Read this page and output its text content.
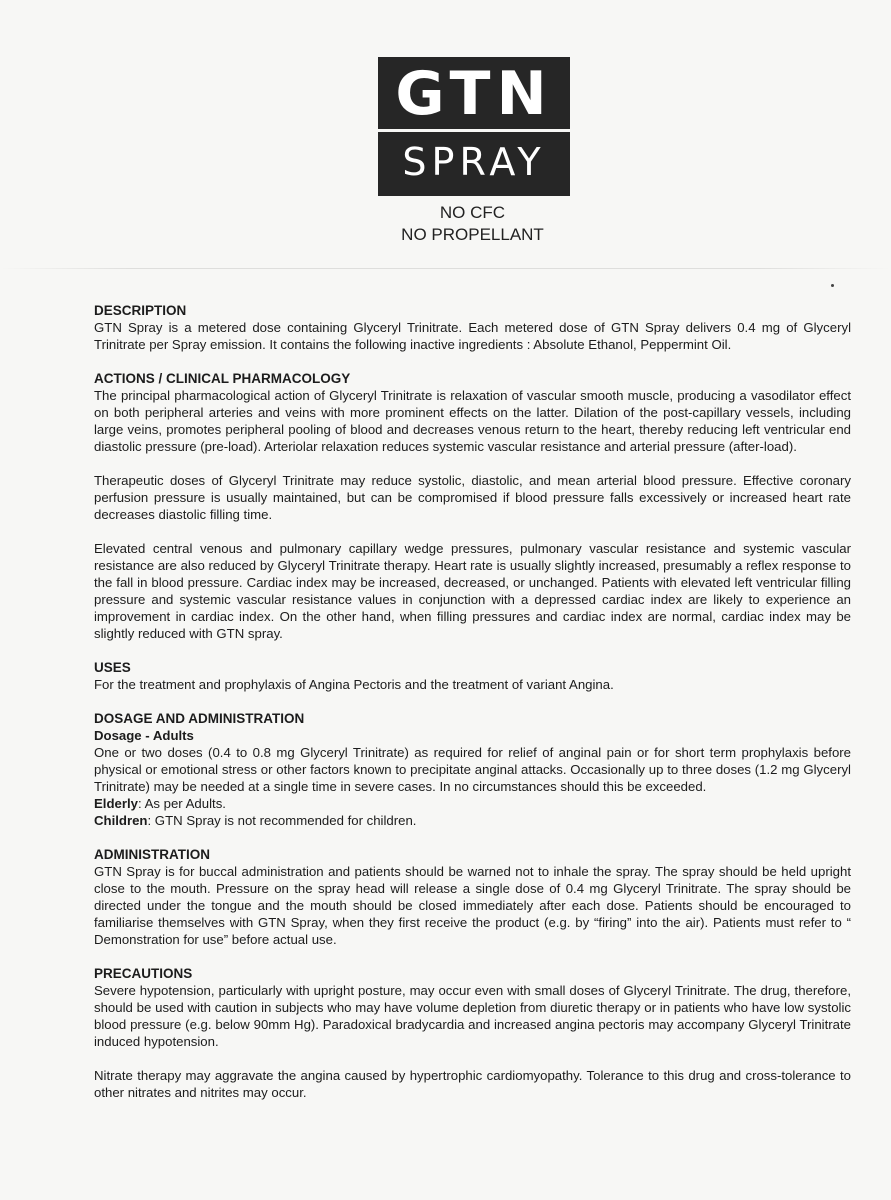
GTN
SPRAY
NO CFC
NO PROPELLANT
DESCRIPTION

GTN Spray is a metered dose containing Glyceryl Trinitrate. Each metered dose of GTN Spray delivers 0.4 mg of Glyceryl Trinitrate per Spray emission. It contains the following inactive ingredients : Absolute Ethanol, Peppermint Oil.

ACTIONS / CLINICAL PHARMACOLOGY

The principal pharmacological action of Glyceryl Trinitrate is relaxation of vascular smooth muscle, producing a vasodilator effect on both peripheral arteries and veins with more prominent effects on the latter. Dilation of the post-capillary vessels, including large veins, promotes peripheral pooling of blood and decreases venous return to the heart, thereby reducing left ventricular end diastolic pressure (pre-load). Arteriolar relaxation reduces systemic vascular resistance and arterial pressure (after-load).

Therapeutic doses of Glyceryl Trinitrate may reduce systolic, diastolic, and mean arterial blood pressure. Effective coronary perfusion pressure is usually maintained, but can be compromised if blood pressure falls excessively or increased heart rate decreases diastolic filling time.

Elevated central venous and pulmonary capillary wedge pressures, pulmonary vascular resistance and systemic vascular resistance are also reduced by Glyceryl Trinitrate therapy. Heart rate is usually slightly increased, presumably a reflex response to the fall in blood pressure. Cardiac index may be increased, decreased, or unchanged. Patients with elevated left ventricular filling pressure and systemic vascular resistance values in conjunction with a depressed cardiac index are likely to experience an improvement in cardiac index. On the other hand, when filling pressures and cardiac index are normal, cardiac index may be slightly reduced with GTN spray.

USES

For the treatment and prophylaxis of Angina Pectoris and the treatment of variant Angina.

DOSAGE AND ADMINISTRATION
Dosage - Adults

One or two doses (0.4 to 0.8 mg Glyceryl Trinitrate) as required for relief of anginal pain or for short term prophylaxis before physical or emotional stress or other factors known to precipitate anginal attacks. Occasionally up to three doses (1.2 mg Glyceryl Trinitrate) may be needed at a single time in severe cases. In no circumstances should this be exceeded.

Elderly: As per Adults.

Children: GTN Spray is not recommended for children.

ADMINISTRATION

GTN Spray is for buccal administration and patients should be warned not to inhale the spray. The spray should be held upright close to the mouth. Pressure on the spray head will release a single dose of 0.4 mg Glyceryl Trinitrate. The spray should be directed under the tongue and the mouth should be closed immediately after each dose. Patients should be encouraged to familiarise themselves with GTN Spray, when they first receive the product (e.g. by “firing” into the air). Patients must refer to “ Demonstration for use” before actual use.

PRECAUTIONS

Severe hypotension, particularly with upright posture, may occur even with small doses of Glyceryl Trinitrate. The drug, therefore, should be used with caution in subjects who may have volume depletion from diuretic therapy or in patients who have low systolic blood pressure (e.g. below 90mm Hg). Paradoxical bradycardia and increased angina pectoris may accompany Glyceryl Trinitrate induced hypotension.

Nitrate therapy may aggravate the angina caused by hypertrophic cardiomyopathy. Tolerance to this drug and cross-tolerance to other nitrates and nitrites may occur.
